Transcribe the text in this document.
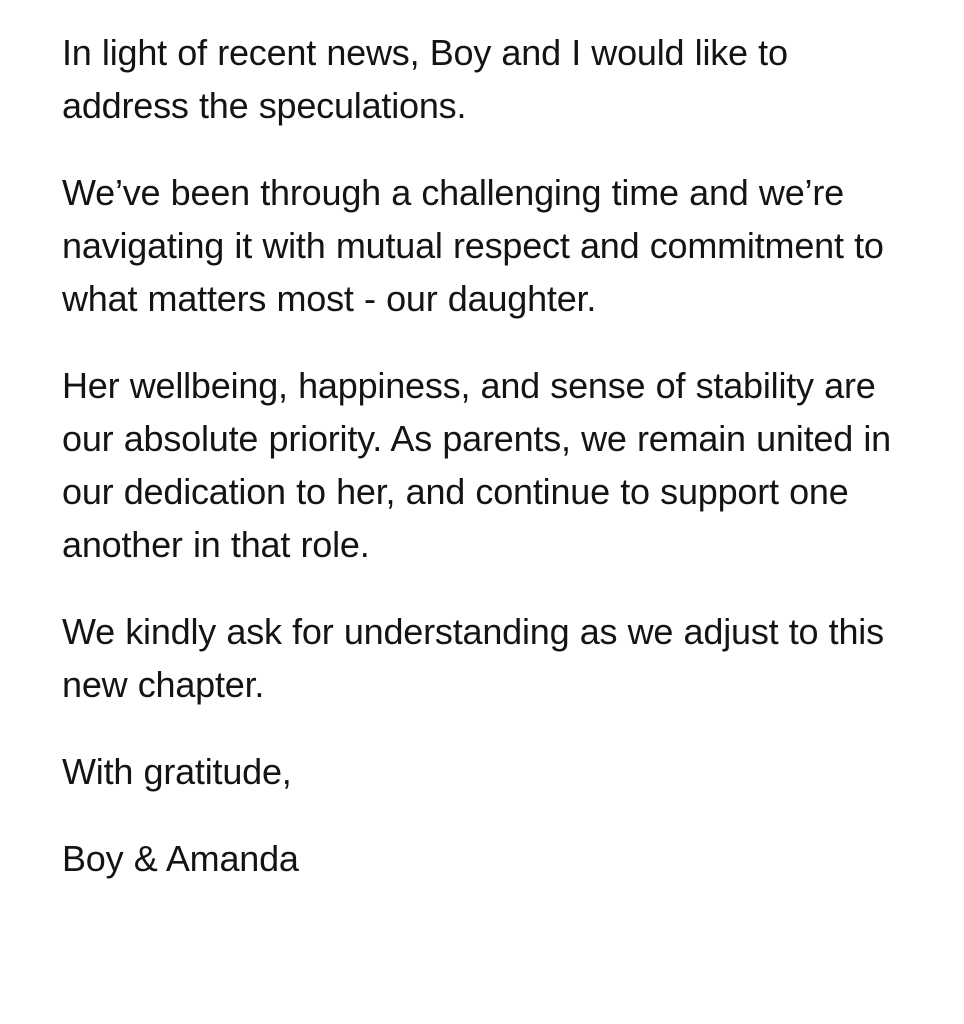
In light of recent news, Boy and I would like to address the speculations.

We’ve been through a challenging time and we’re navigating it with mutual respect and commitment to what matters most - our daughter.

Her wellbeing, happiness, and sense of stability are our absolute priority. As parents, we remain united in our dedication to her, and continue to support one another in that role.

We kindly ask for understanding as we adjust to this new chapter.

With gratitude,

Boy & Amanda
